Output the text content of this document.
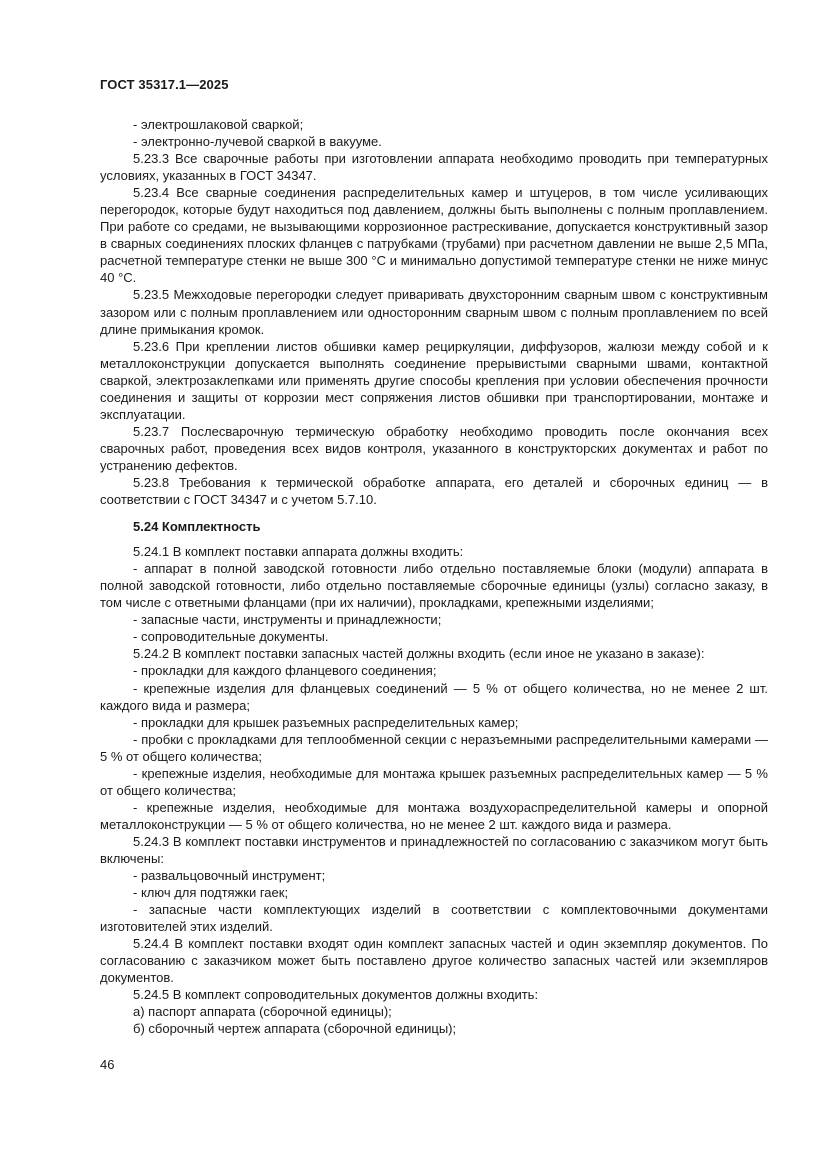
ГОСТ 35317.1—2025

- электрошлаковой сваркой;

- электронно-лучевой сваркой в вакууме.

5.23.3 Все сварочные работы при изготовлении аппарата необходимо проводить при температурных условиях, указанных в ГОСТ 34347.

5.23.4 Все сварные соединения распределительных камер и штуцеров, в том числе усиливающих перегородок, которые будут находиться под давлением, должны быть выполнены с полным проплавлением. При работе со средами, не вызывающими коррозионное растрескивание, допускается конструктивный зазор в сварных соединениях плоских фланцев с патрубками (трубами) при расчетном давлении не выше 2,5 МПа, расчетной температуре стенки не выше 300 °С и минимально допустимой температуре стенки не ниже минус 40 °С.

5.23.5 Межходовые перегородки следует приваривать двухсторонним сварным швом с конструктивным зазором или с полным проплавлением или односторонним сварным швом с полным проплавлением по всей длине примыкания кромок.

5.23.6 При креплении листов обшивки камер рециркуляции, диффузоров, жалюзи между собой и к металлоконструкции допускается выполнять соединение прерывистыми сварными швами, контактной сваркой, электрозаклепками или применять другие способы крепления при условии обеспечения прочности соединения и защиты от коррозии мест сопряжения листов обшивки при транспортировании, монтаже и эксплуатации.

5.23.7 Послесварочную термическую обработку необходимо проводить после окончания всех сварочных работ, проведения всех видов контроля, указанного в конструкторских документах и работ по устранению дефектов.

5.23.8 Требования к термической обработке аппарата, его деталей и сборочных единиц — в соответствии с ГОСТ 34347 и с учетом 5.7.10.

5.24 Комплектность

5.24.1 В комплект поставки аппарата должны входить:

- аппарат в полной заводской готовности либо отдельно поставляемые блоки (модули) аппарата в полной заводской готовности, либо отдельно поставляемые сборочные единицы (узлы) согласно заказу, в том числе с ответными фланцами (при их наличии), прокладками, крепежными изделиями;

- запасные части, инструменты и принадлежности;

- сопроводительные документы.

5.24.2 В комплект поставки запасных частей должны входить (если иное не указано в заказе):

- прокладки для каждого фланцевого соединения;

- крепежные изделия для фланцевых соединений — 5 % от общего количества, но не менее 2 шт. каждого вида и размера;

- прокладки для крышек разъемных распределительных камер;

- пробки с прокладками для теплообменной секции с неразъемными распределительными камерами — 5 % от общего количества;

- крепежные изделия, необходимые для монтажа крышек разъемных распределительных камер — 5 % от общего количества;

- крепежные изделия, необходимые для монтажа воздухораспределительной камеры и опорной металлоконструкции — 5 % от общего количества, но не менее 2 шт. каждого вида и размера.

5.24.3 В комплект поставки инструментов и принадлежностей по согласованию с заказчиком могут быть включены:

- развальцовочный инструмент;

- ключ для подтяжки гаек;

- запасные части комплектующих изделий в соответствии с комплектовочными документами изготовителей этих изделий.

5.24.4 В комплект поставки входят один комплект запасных частей и один экземпляр документов. По согласованию с заказчиком может быть поставлено другое количество запасных частей или экземпляров документов.

5.24.5 В комплект сопроводительных документов должны входить:

а) паспорт аппарата (сборочной единицы);

б) сборочный чертеж аппарата (сборочной единицы);

46
